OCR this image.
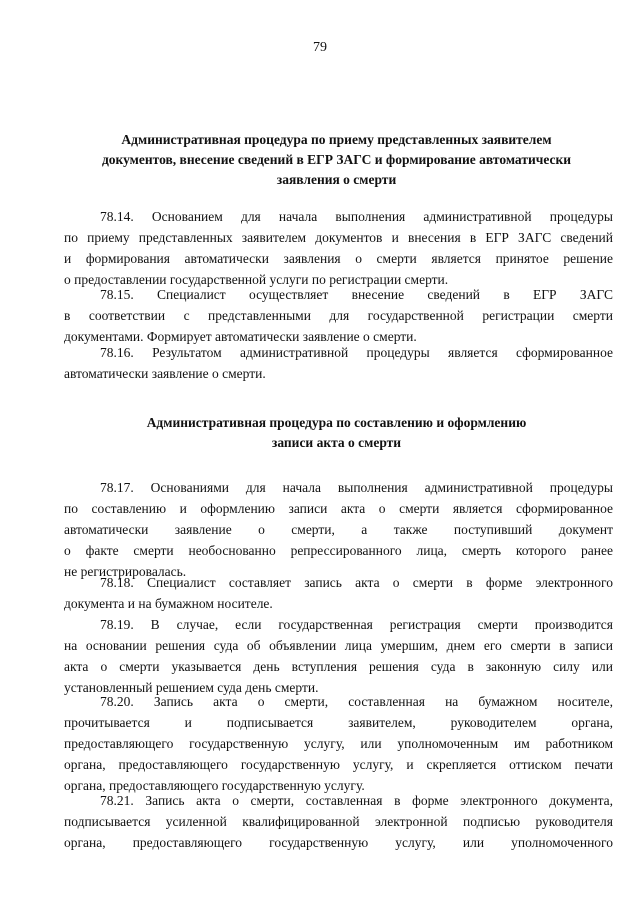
79
Административная процедура по приему представленных заявителем
документов, внесение сведений в ЕГР ЗАГС и формирование автоматически
заявления о смерти
78.14. Основанием для начала выполнения административной процедуры
по приему представленных заявителем документов и внесения в ЕГР ЗАГС сведений
и формирования автоматически заявления о смерти является принятое решение
о предоставлении государственной услуги по регистрации смерти.
78.15. Специалист осуществляет внесение сведений в ЕГР ЗАГС
в соответствии с представленными для государственной регистрации смерти
документами. Формирует автоматически заявление о смерти.
78.16. Результатом административной процедуры является сформированное
автоматически заявление о смерти.
Административная процедура по составлению и оформлению
записи акта о смерти
78.17. Основаниями для начала выполнения административной процедуры
по составлению и оформлению записи акта о смерти является сформированное
автоматически заявление о смерти, а также поступивший документ
о факте смерти необоснованно репрессированного лица, смерть которого ранее
не регистрировалась.
78.18. Специалист составляет запись акта о смерти в форме электронного
документа и на бумажном носителе.
78.19. В случае, если государственная регистрация смерти производится
на основании решения суда об объявлении лица умершим, днем его смерти в записи
акта о смерти указывается день вступления решения суда в законную силу или
установленный решением суда день смерти.
78.20. Запись акта о смерти, составленная на бумажном носителе,
прочитывается и подписывается заявителем, руководителем органа,
предоставляющего государственную услугу, или уполномоченным им работником
органа, предоставляющего государственную услугу, и скрепляется оттиском печати
органа, предоставляющего государственную услугу.
78.21. Запись акта о смерти, составленная в форме электронного документа,
подписывается усиленной квалифицированной электронной подписью руководителя
органа, предоставляющего государственную услугу, или уполномоченного
